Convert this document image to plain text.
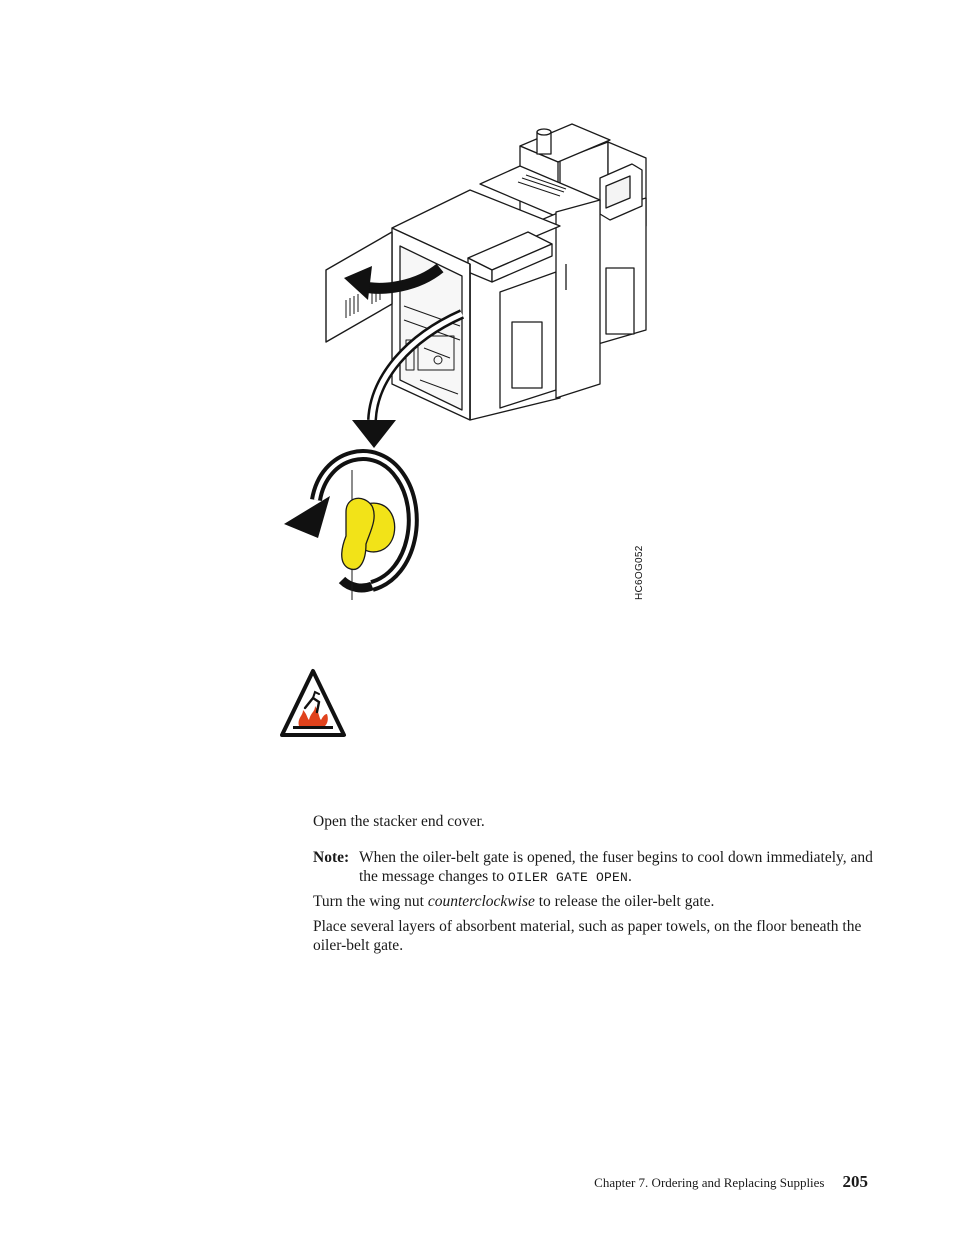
HC6OG052

Open the stacker end cover.

Note: When the oiler-belt gate is opened, the fuser begins to cool down immediately, and the message changes to OILER GATE OPEN.

Turn the wing nut counterclockwise to release the oiler-belt gate.

Place several layers of absorbent material, such as paper towels, on the floor beneath the oiler-belt gate.

Chapter 7. Ordering and Replacing Supplies 205
